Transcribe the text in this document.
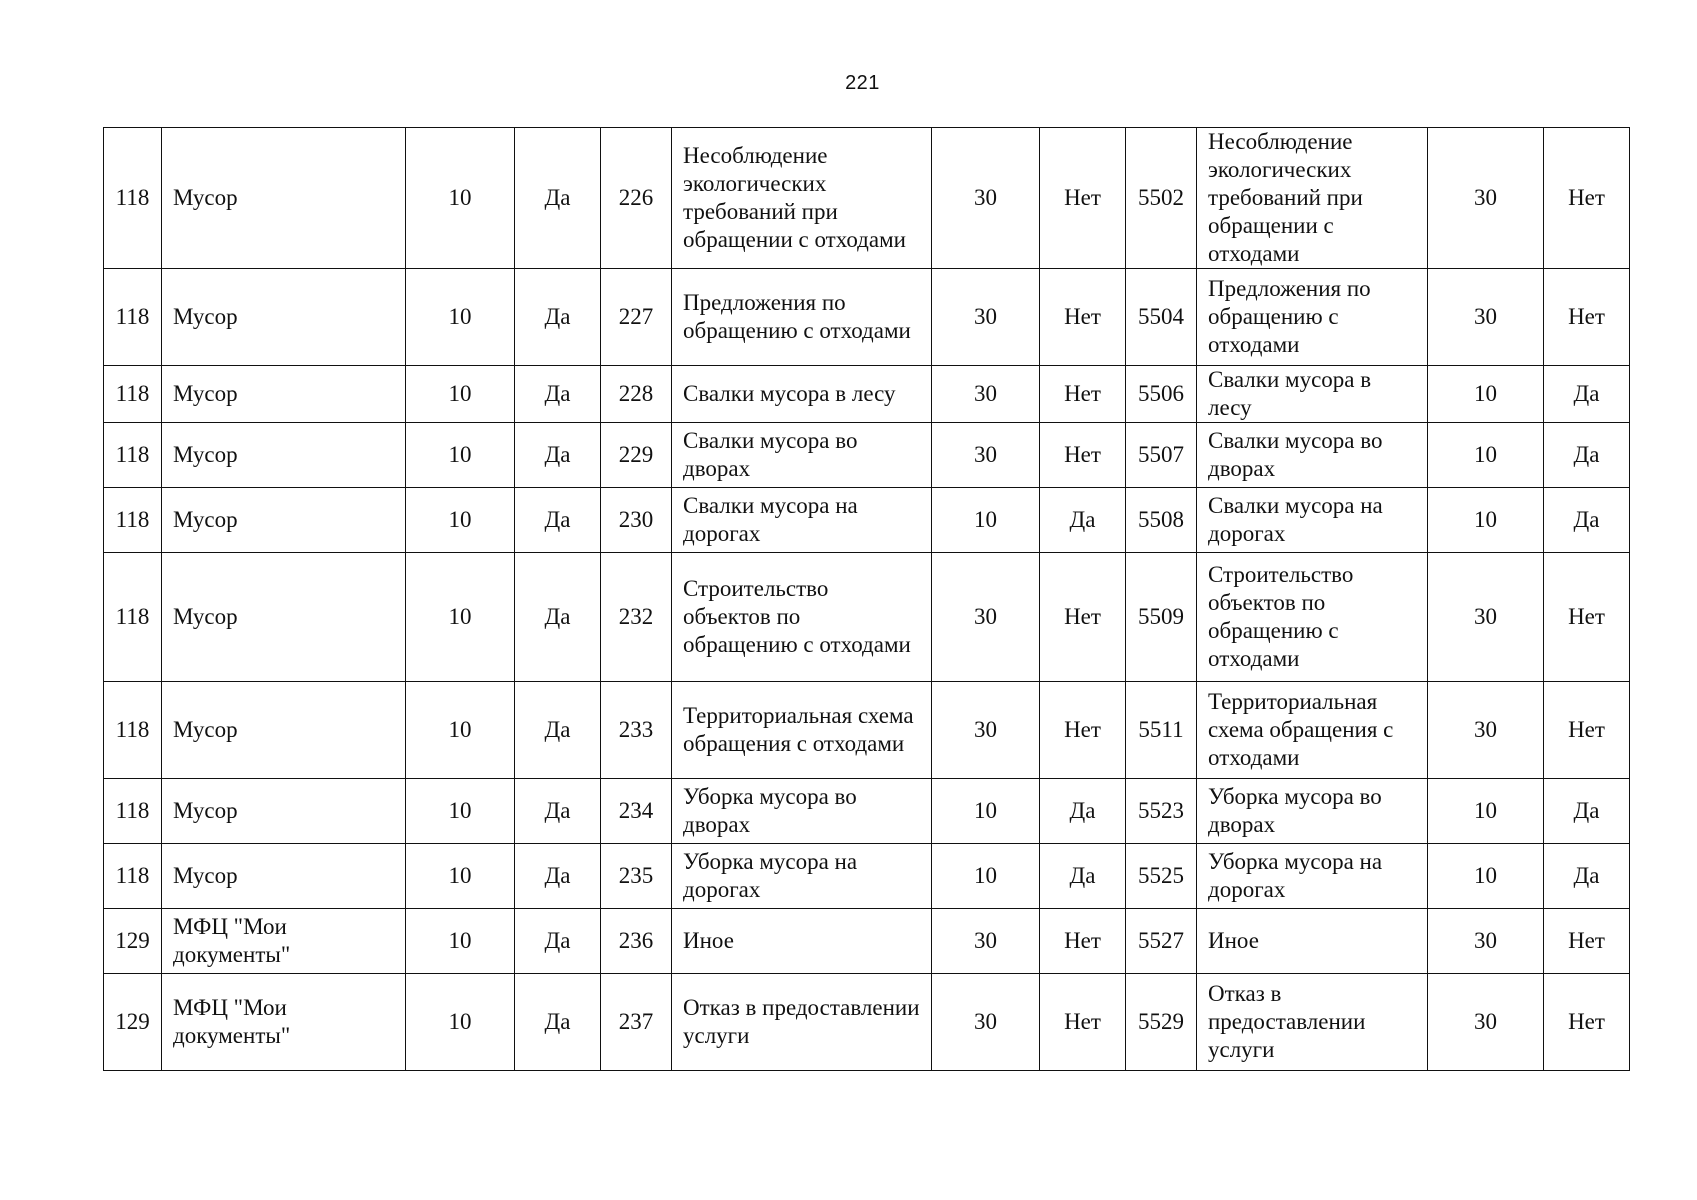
221
118	Мусор	10	Да	226	Несоблюдение экологических требований при обращении с отходами	30	Нет	5502	Несоблюдение экологических требований при обращении с отходами	30	Нет
118	Мусор	10	Да	227	Предложения по обращению с отходами	30	Нет	5504	Предложения по обращению с отходами	30	Нет
118	Мусор	10	Да	228	Свалки мусора в лесу	30	Нет	5506	Свалки мусора в лесу	10	Да
118	Мусор	10	Да	229	Свалки мусора во дворах	30	Нет	5507	Свалки мусора во дворах	10	Да
118	Мусор	10	Да	230	Свалки мусора на дорогах	10	Да	5508	Свалки мусора на дорогах	10	Да
118	Мусор	10	Да	232	Строительство объектов по обращению с отходами	30	Нет	5509	Строительство объектов по обращению с отходами	30	Нет
118	Мусор	10	Да	233	Территориальная схема обращения с отходами	30	Нет	5511	Территориальная схема обращения с отходами	30	Нет
118	Мусор	10	Да	234	Уборка мусора во дворах	10	Да	5523	Уборка мусора во дворах	10	Да
118	Мусор	10	Да	235	Уборка мусора на дорогах	10	Да	5525	Уборка мусора на дорогах	10	Да
129	МФЦ "Мои документы"	10	Да	236	Иное	30	Нет	5527	Иное	30	Нет
129	МФЦ "Мои документы"	10	Да	237	Отказ в предоставлении услуги	30	Нет	5529	Отказ в предоставлении услуги	30	Нет
